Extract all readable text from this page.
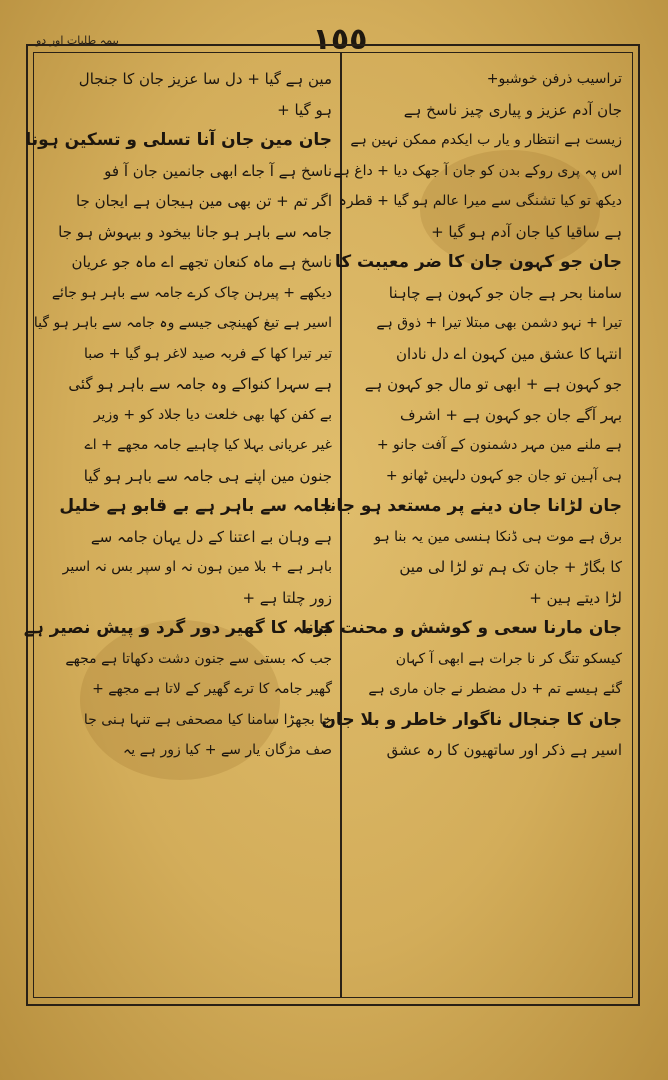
بیمہ طلبات اور دو	١٥٥
تراسیب ذرفن خوشبو+
جان آدم عزیز و پیاری چیز ناسخ ہے
زیست ہے انتظار و یار ب ایکدم ممکن نہین ہے
اس پہ پری روکے بدن کو جان آ جھک دیا + داغ ہے
دیکھ تو کیا تشنگی سے میرا عالم ہو گیا + قطرہ
ہے ساقیا کیا جان آدم ہو گیا +
جان جو کہون جان کا ضر معیبت کا
سامنا بحر ہے جان جو کہون ہے چاہنا
تیرا + نہو دشمن بھی مبتلا تیرا + ذوق ہے
انتہا کا عشق مین کہون اے دل نادان
جو کہون ہے + ابھی تو مال جو کہون ہے
بہر آگے جان جو کہون ہے + اشرف
ہے ملنے مین مہر دشمنون کے آفت جانو +
ہی آہین تو جان جو کہون دلہین ٹھانو +
جان لڑانا جان دینے پر مستعد ہو جانا
برق ہے موت ہی ڈنکا ہنسی مین یہ بنا ہو
کا بگاڑ + جان تک ہم تو لڑا لی مین
لڑا دیتے ہین +
جان مارنا سعی و کوشش و محنت کرنا
کیسکو تنگ کر نا جرات ہے ابھی آ کہان
گئے ہیسے تم + دل مضطر نے جان ماری ہے
جان کا جنجال ناگوار خاطر و بلا جان
اسیر ہے ذکر اور ساتھیون کا رہ عشق
مین ہے گیا + دل سا عزیز جان کا جنجال
ہو گیا +
جان مین جان آنا تسلی و تسکین ہونا
ناسخ ہے آ جاے ابھی جانمین جان آ فو
اگر تم + تن بھی مین ہیجان ہے ایجان جا
جامہ سے باہر ہو جانا بیخود و بیہوش ہو جا
ناسخ ہے ماہ کنعان تجھے اے ماہ جو عریان
دیکھے + پیرہن چاک کرے جامہ سے باہر ہو جائے
اسیر ہے تیغ کھینچی جیسے وہ جامہ سے باہر ہو گیا
تیر تیرا کھا کے فربہ صید لاغر ہو گیا + صبا
ہے سہرا کنواکے وہ جامہ سے باہر ہو گئی
بے کفن کھا بھی خلعت دیا جلاد کو + وزیر
غیر عریانی بہلا کیا چاہیے جامہ مجھے + اے
جنون مین اپنے ہی جامہ سے باہر ہو گیا
جامہ سے باہر ہے بے قابو ہے خلیل
ہے وہان بے اعتنا کے دل یہان جامہ سے
باہر ہے + بلا مین ہون نہ او سپر بس نہ اسیر
زور چلتا ہے +
جامہ کا گھیر دور گرد و پیش نصیر ہے
جب کہ بستی سے جنون دشت دکھاتا ہے مجھے
گھیر جامہ کا ترے گھیر کے لاتا ہے مجھے +
جا بجھڑا سامنا کیا مصحفی ہے تنہا ہنی جا
صف مژگان یار سے + کیا زور ہے یہ
